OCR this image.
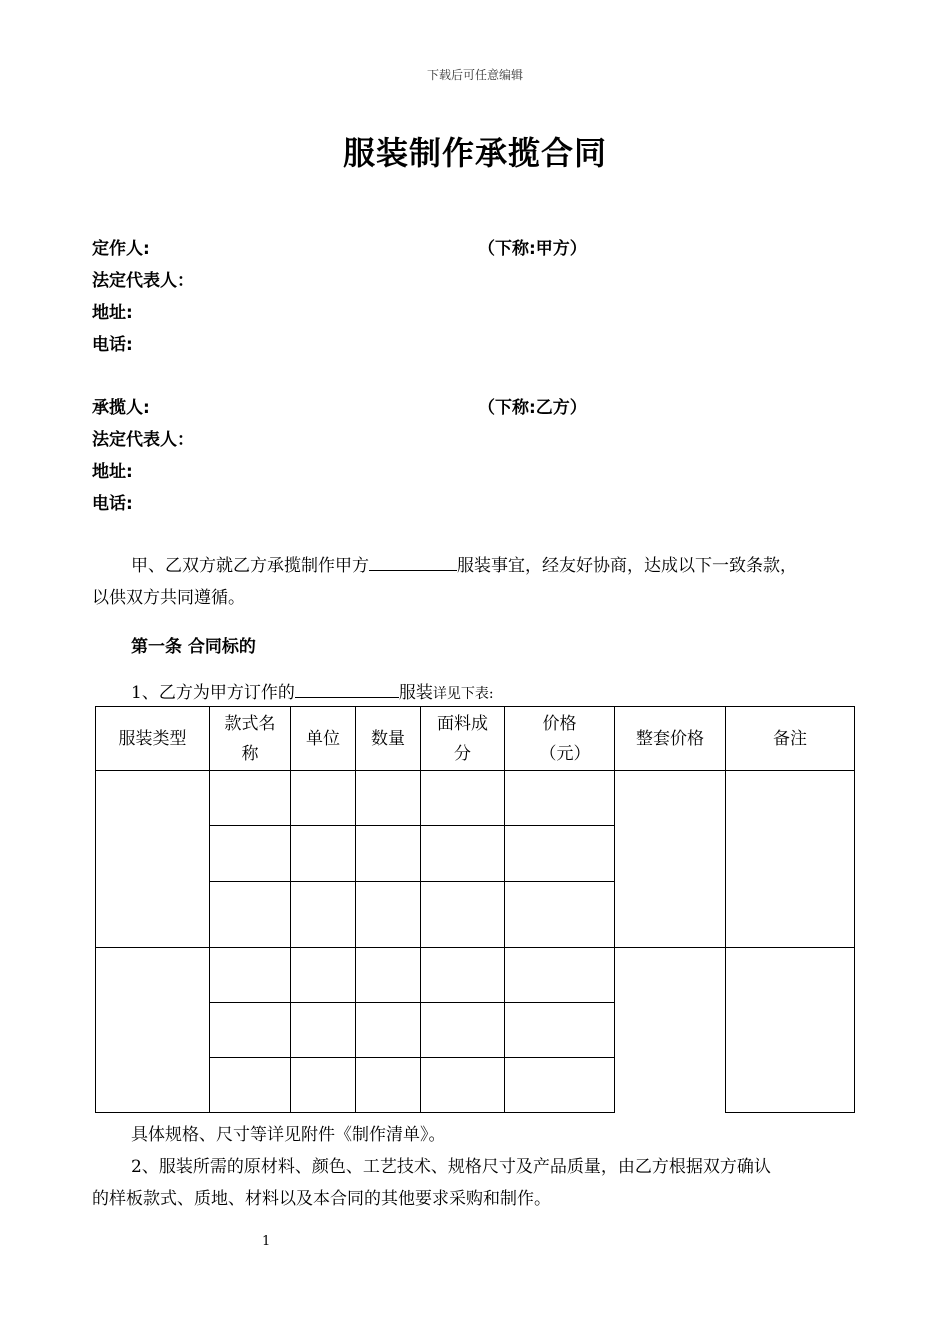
下载后可任意编辑
服装制作承揽合同
定作人:	（下称:甲方）
法定代表人：
地址:
电话:
承揽人:	（下称:乙方）
法定代表人：
地址:
电话:
甲、乙双方就乙方承揽制作甲方	服装事宜，经友好协商，达成以下一致条款，
以供双方共同遵循。
第一条 合同标的
1、乙方为甲方订作的	服装详见下表:
服装类型	款式名称	单位	数量	面料成分	价格（元）	整套价格	备注

具体规格、尺寸等详见附件《制作清单》。
2、服装所需的原材料、颜色、工艺技术、规格尺寸及产品质量，由乙方根据双方确认
的样板款式、质地、材料以及本合同的其他要求采购和制作。
1
